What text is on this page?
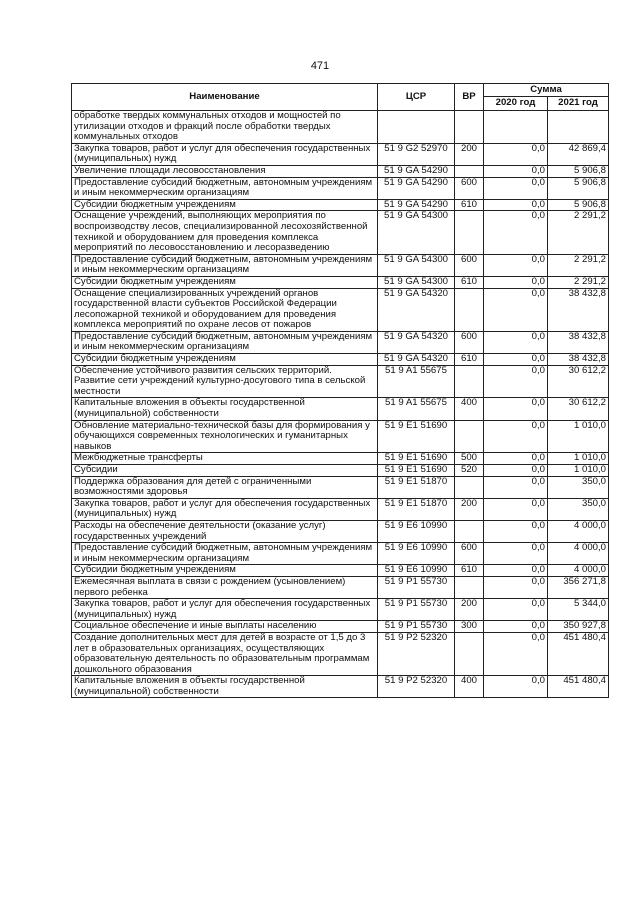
471
Наименование	ЦСР	ВР	Сумма	
			2020 год	2021 год
обработке твердых коммунальных отходов и мощностей по утилизации отходов и фракций после обработки твердых коммунальных отходов				
Закупка товаров, работ и услуг для обеспечения государственных (муниципальных) нужд	51 9 G2 52970	200	0,0	42 869,4
Увеличение площади лесовосстановления	51 9 GA 54290		0,0	5 906,8
Предоставление субсидий бюджетным, автономным учреждениям и иным некоммерческим организациям	51 9 GA 54290	600	0,0	5 906,8
Субсидии бюджетным учреждениям	51 9 GA 54290	610	0,0	5 906,8
Оснащение учреждений, выполняющих мероприятия по воспроизводству лесов, специализированной лесохозяйственной техникой и оборудованием для проведения комплекса мероприятий по лесовосстановлению и лесоразведению	51 9 GA 54300		0,0	2 291,2
Предоставление субсидий бюджетным, автономным учреждениям и иным некоммерческим организациям	51 9 GA 54300	600	0,0	2 291,2
Субсидии бюджетным учреждениям	51 9 GA 54300	610	0,0	2 291,2
Оснащение специализированных учреждений органов государственной власти субъектов Российской Федерации лесопожарной техникой и оборудованием для проведения комплекса мероприятий по охране лесов от пожаров	51 9 GA 54320		0,0	38 432,8
Предоставление субсидий бюджетным, автономным учреждениям и иным некоммерческим организациям	51 9 GA 54320	600	0,0	38 432,8
Субсидии бюджетным учреждениям	51 9 GA 54320	610	0,0	38 432,8
Обеспечение устойчивого развития сельских территорий. Развитие сети учреждений культурно-досугового типа в сельской местности	51 9 A1 55675		0,0	30 612,2
Капитальные вложения в объекты государственной (муниципальной) собственности	51 9 A1 55675	400	0,0	30 612,2
Обновление материально-технической базы для формирования у обучающихся современных технологических и гуманитарных навыков	51 9 E1 51690		0,0	1 010,0
Межбюджетные трансферты	51 9 E1 51690	500	0,0	1 010,0
Субсидии	51 9 E1 51690	520	0,0	1 010,0
Поддержка образования для детей с ограниченными возможностями здоровья	51 9 E1 51870		0,0	350,0
Закупка товаров, работ и услуг для обеспечения государственных (муниципальных) нужд	51 9 E1 51870	200	0,0	350,0
Расходы на обеспечение деятельности (оказание услуг) государственных учреждений	51 9 E6 10990		0,0	4 000,0
Предоставление субсидий бюджетным, автономным учреждениям и иным некоммерческим организациям	51 9 E6 10990	600	0,0	4 000,0
Субсидии бюджетным учреждениям	51 9 E6 10990	610	0,0	4 000,0
Ежемесячная выплата в связи с рождением (усыновлением) первого ребенка	51 9 P1 55730		0,0	356 271,8
Закупка товаров, работ и услуг для обеспечения государственных (муниципальных) нужд	51 9 P1 55730	200	0,0	5 344,0
Социальное обеспечение и иные выплаты населению	51 9 P1 55730	300	0,0	350 927,8
Создание дополнительных мест для детей в возрасте от 1,5 до 3 лет в образовательных организациях, осуществляющих образовательную деятельность по образовательным программам дошкольного образования	51 9 P2 52320		0,0	451 480,4
Капитальные вложения в объекты государственной (муниципальной) собственности	51 9 P2 52320	400	0,0	451 480,4
